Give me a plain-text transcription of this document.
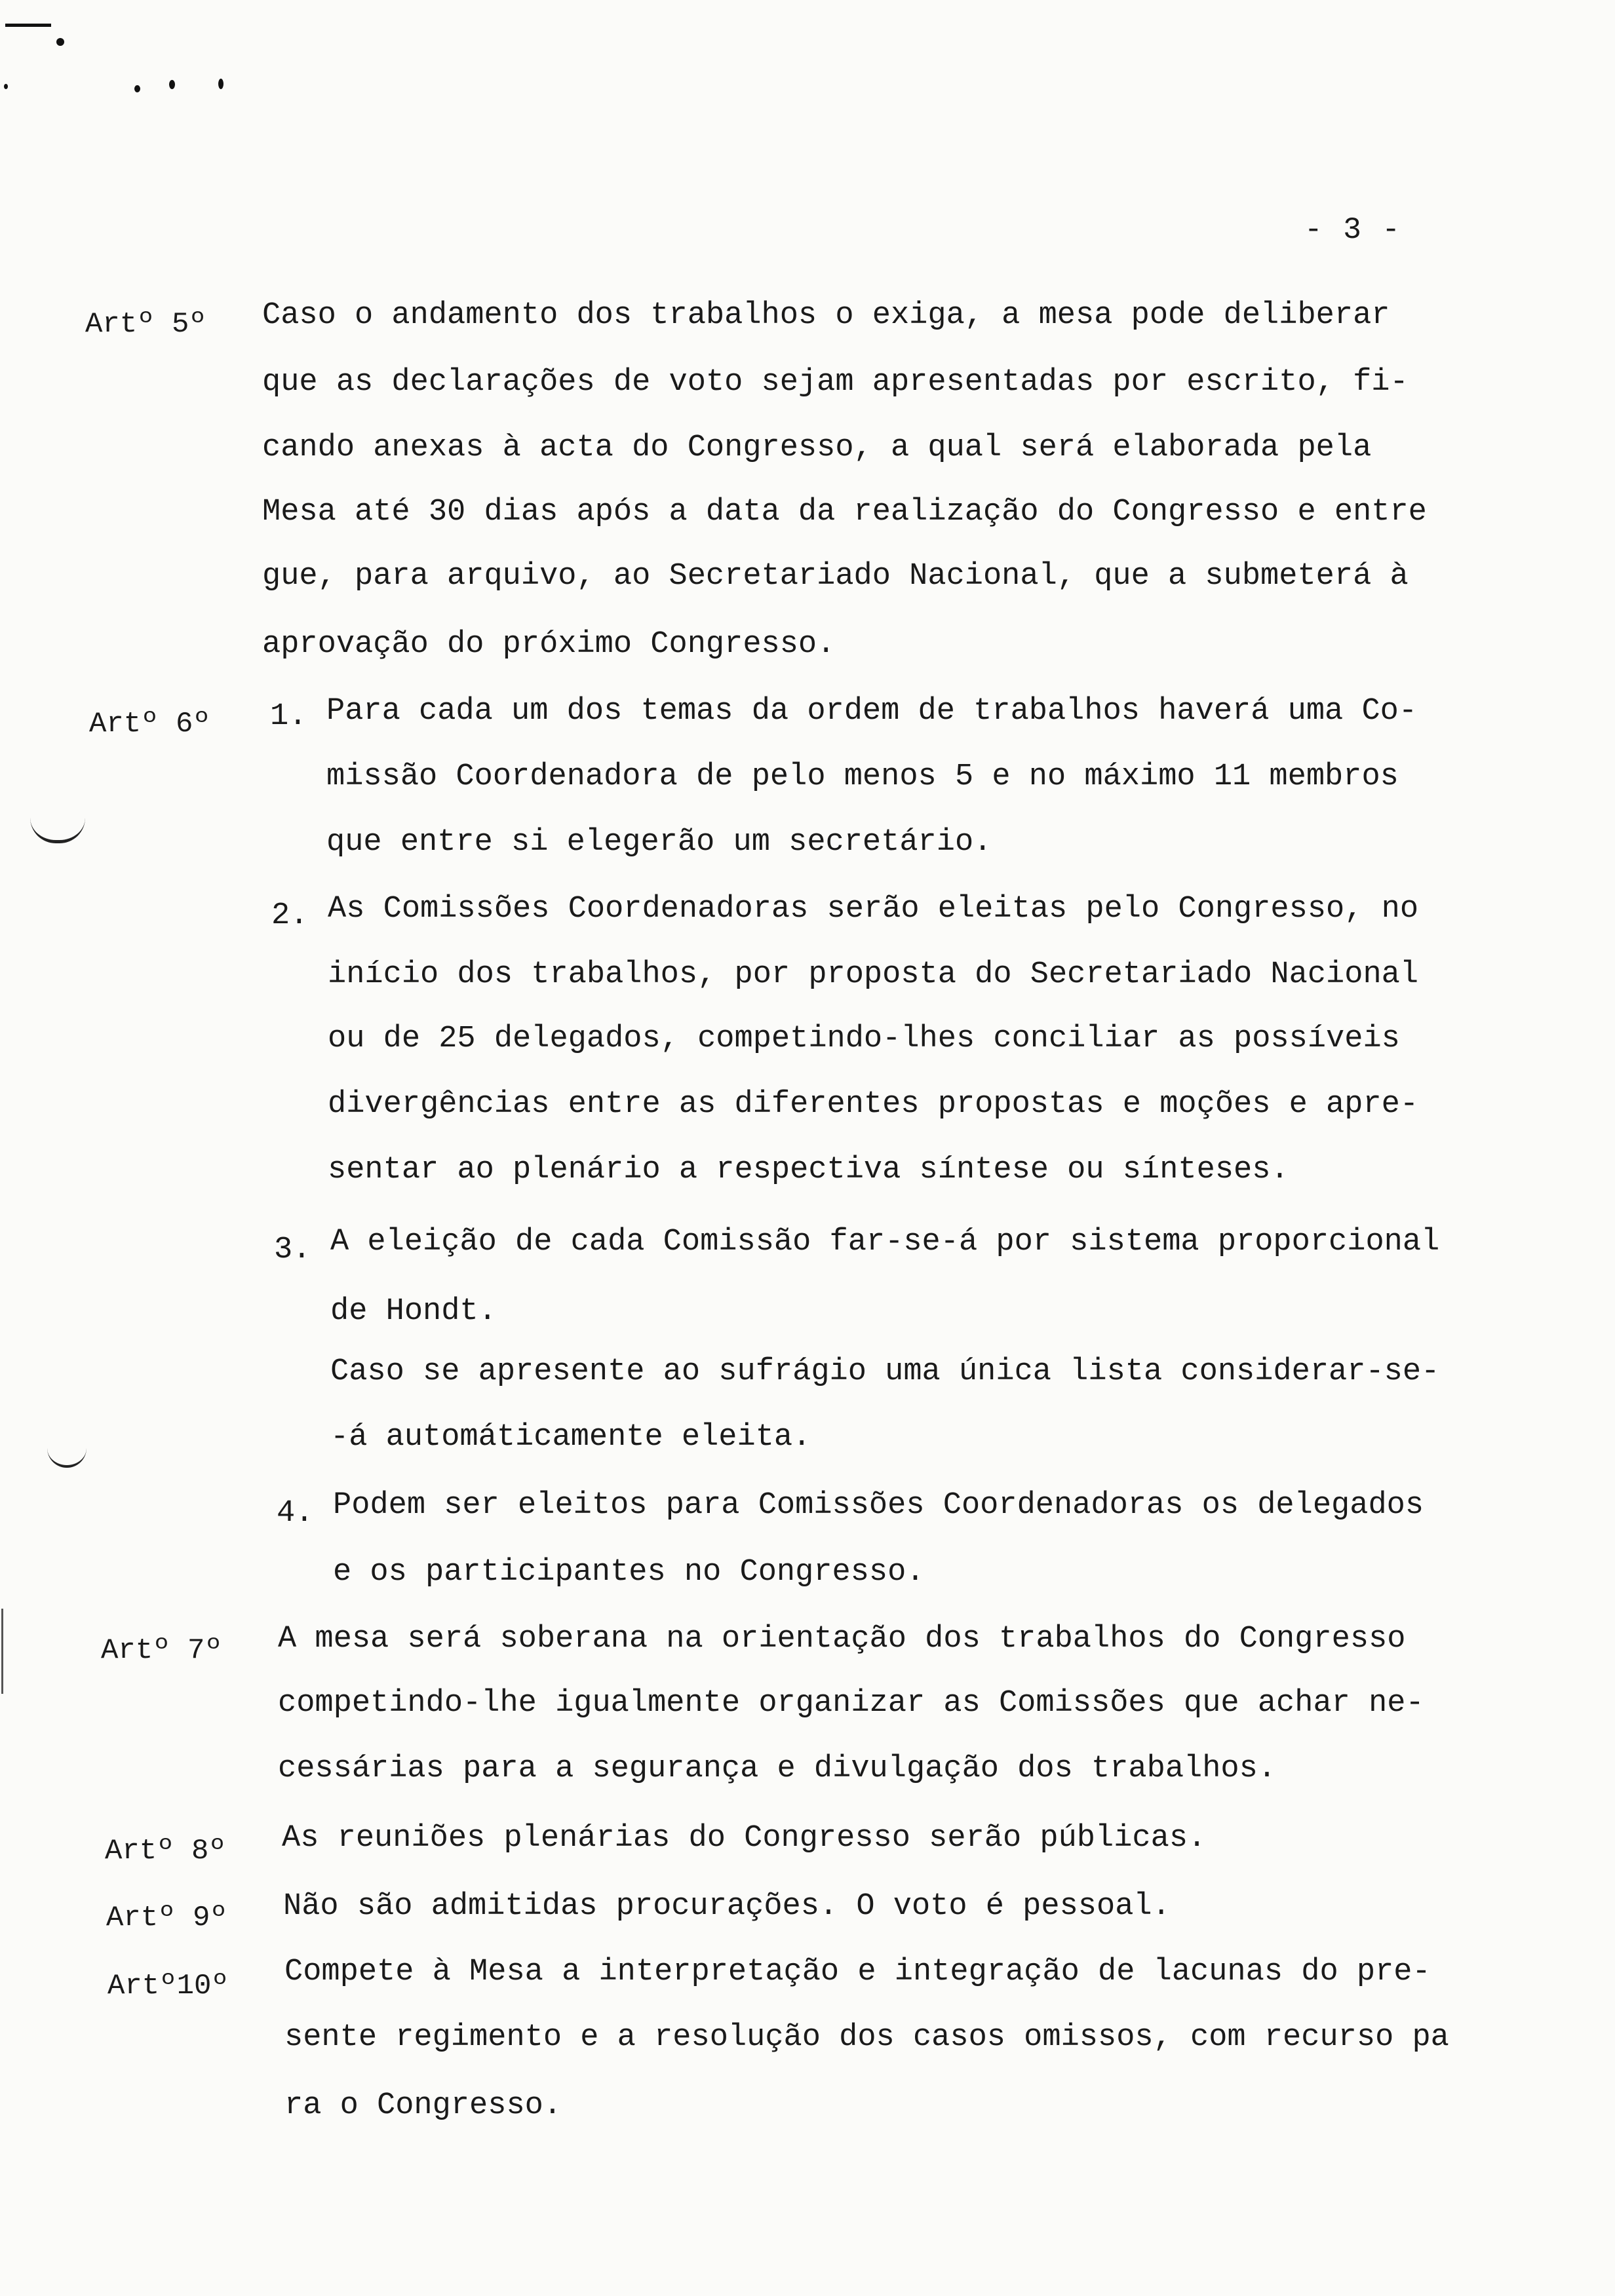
- 3 -
Artº 5º Caso o andamento dos trabalhos o exiga, a mesa pode deliberar
que as declarações de voto sejam apresentadas por escrito, fi-
cando anexas à acta do Congresso, a qual será elaborada pela
Mesa até 30 dias após a data da realização do Congresso e entre
gue, para arquivo, ao Secretariado Nacional, que a submeterá à
aprovação do próximo Congresso.
Artº 6º 1. Para cada um dos temas da ordem de trabalhos haverá uma Co-
missão Coordenadora de pelo menos 5 e no máximo 11 membros
que entre si elegerão um secretário.
2. As Comissões Coordenadoras serão eleitas pelo Congresso, no
início dos trabalhos, por proposta do Secretariado Nacional
ou de 25 delegados, competindo-lhes conciliar as possíveis
divergências entre as diferentes propostas e moções e apre-
sentar ao plenário a respectiva síntese ou sínteses.
3. A eleição de cada Comissão far-se-á por sistema proporcional
de Hondt.
Caso se apresente ao sufrágio uma única lista considerar-se-
-á automáticamente eleita.
4. Podem ser eleitos para Comissões Coordenadoras os delegados
e os participantes no Congresso.
Artº 7º A mesa será soberana na orientação dos trabalhos do Congresso
competindo-lhe igualmente organizar as Comissões que achar ne-
cessárias para a segurança e divulgação dos trabalhos.
Artº 8º As reuniões plenárias do Congresso serão públicas.
Artº 9º Não são admitidas procurações. O voto é pessoal.
Artº10º Compete à Mesa a interpretação e integração de lacunas do pre-
sente regimento e a resolução dos casos omissos, com recurso pa
ra o Congresso.
